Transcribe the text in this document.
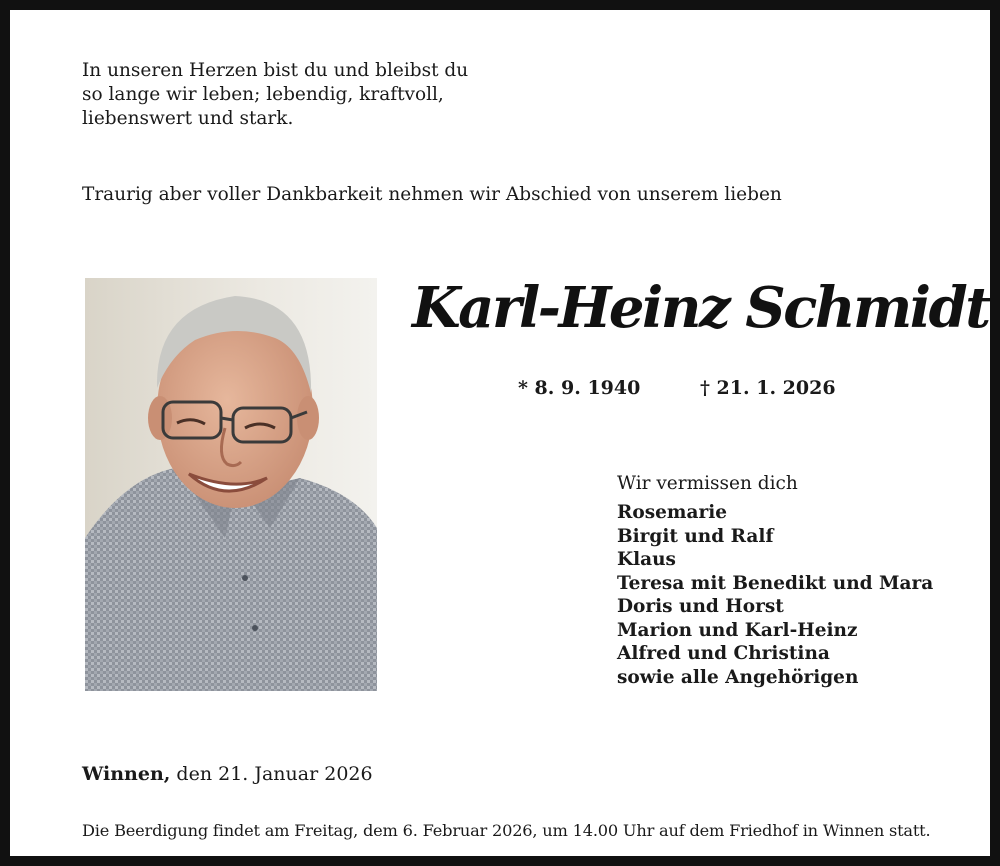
In unseren Herzen bist du und bleibst du
so lange wir leben; lebendig, kraftvoll,
liebenswert und stark.

Traurig aber voller Dankbarkeit nehmen wir Abschied von unserem lieben

Karl-Heinz Schmidt

* 8. 9. 1940	† 21. 1. 2026

Wir vermissen dich
Rosemarie
Birgit und Ralf
Klaus
Teresa mit Benedikt und Mara
Doris und Horst
Marion und Karl-Heinz
Alfred und Christina
sowie alle Angehörigen

Winnen, den 21. Januar 2026

Die Beerdigung findet am Freitag, dem 6. Februar 2026, um 14.00 Uhr auf dem Friedhof in Winnen statt.
